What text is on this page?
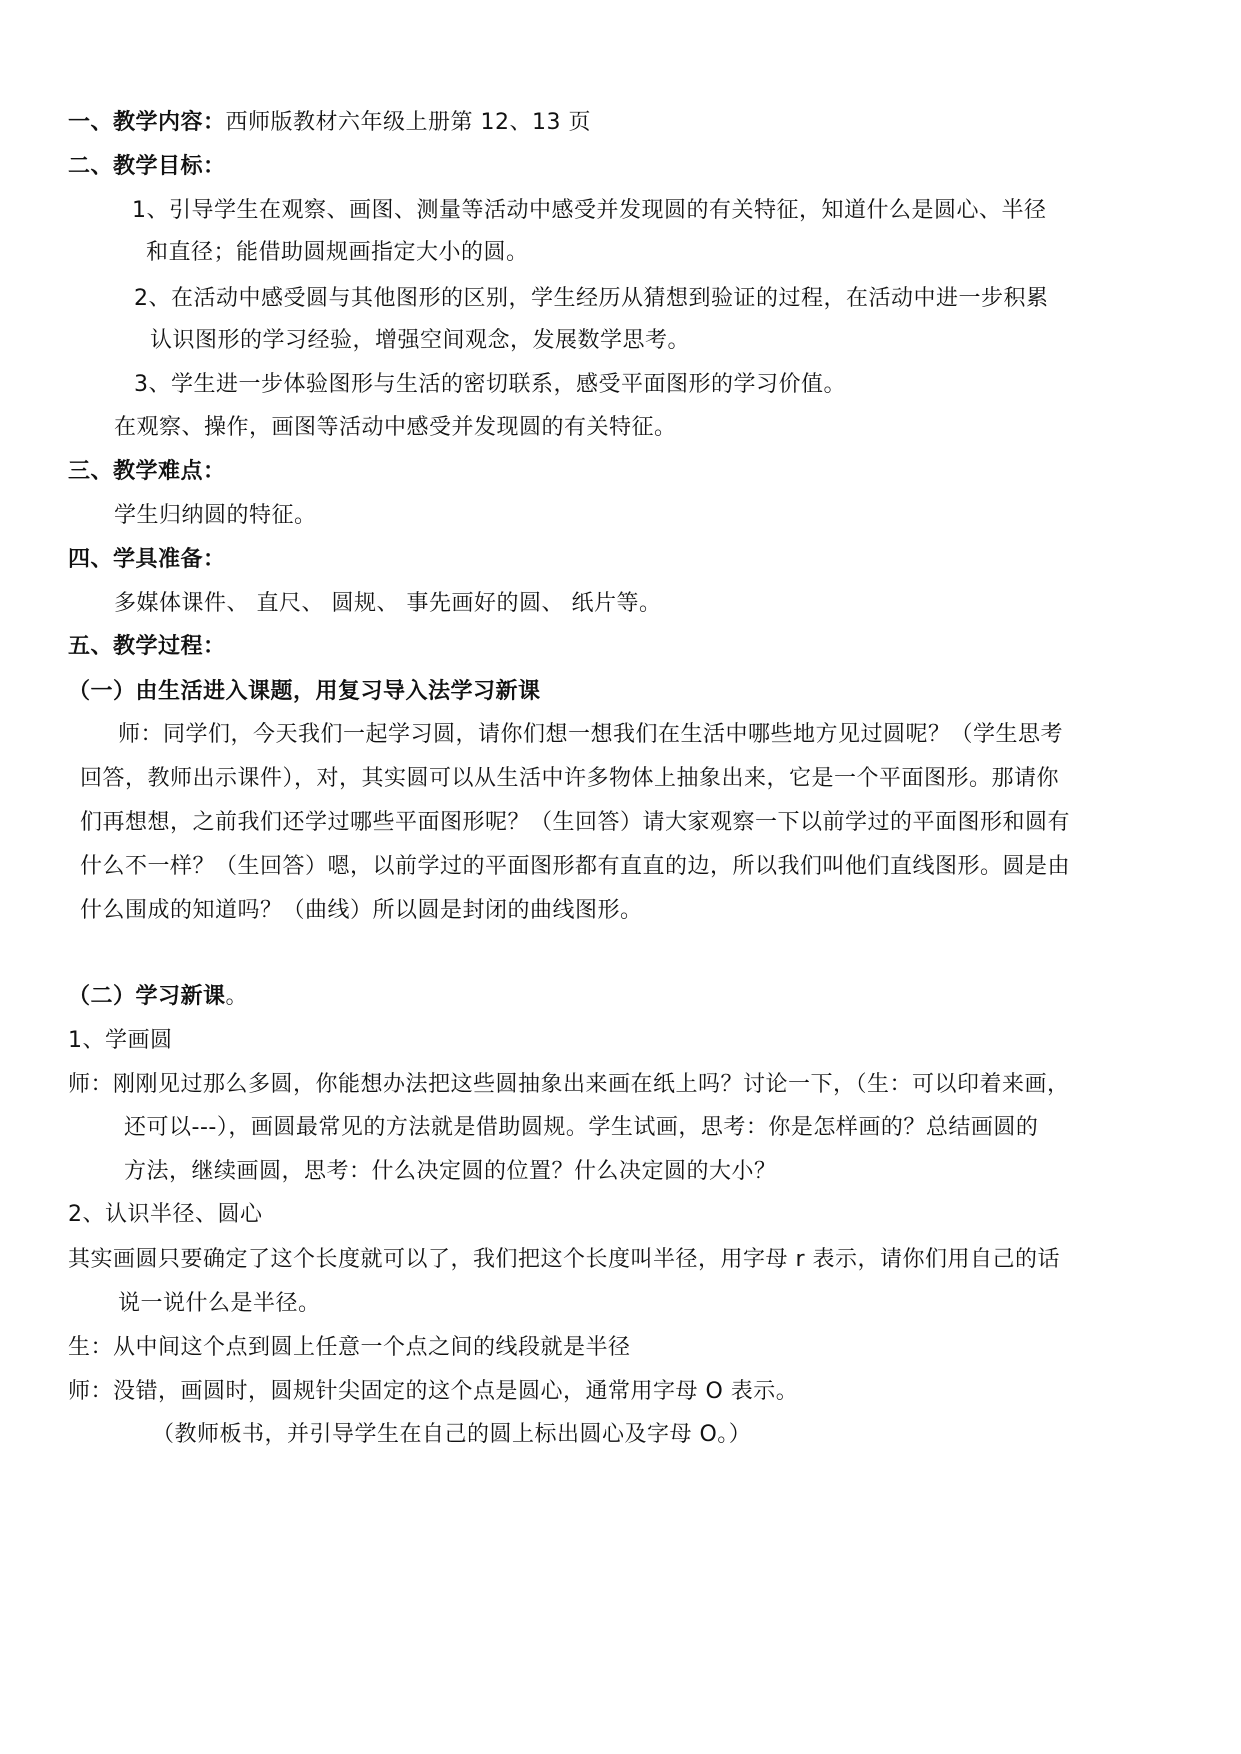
一、教学内容：西师版教材六年级上册第 12、13 页
二、教学目标：
1、引导学生在观察、画图、测量等活动中感受并发现圆的有关特征，知道什么是圆心、半径
和直径；能借助圆规画指定大小的圆。
2、在活动中感受圆与其他图形的区别，学生经历从猜想到验证的过程，在活动中进一步积累
认识图形的学习经验，增强空间观念，发展数学思考。
3、学生进一步体验图形与生活的密切联系，感受平面图形的学习价值。
在观察、操作，画图等活动中感受并发现圆的有关特征。
三、教学难点：
学生归纳圆的特征。
四、学具准备：
多媒体课件、 直尺、 圆规、 事先画好的圆、 纸片等。
五、教学过程：
（一）由生活进入课题，用复习导入法学习新课
师：同学们，今天我们一起学习圆，请你们想一想我们在生活中哪些地方见过圆呢？（学生思考
回答，教师出示课件），对，其实圆可以从生活中许多物体上抽象出来，它是一个平面图形。那请你
们再想想，之前我们还学过哪些平面图形呢？（生回答）请大家观察一下以前学过的平面图形和圆有
什么不一样？（生回答）嗯，以前学过的平面图形都有直直的边，所以我们叫他们直线图形。圆是由
什么围成的知道吗？（曲线）所以圆是封闭的曲线图形。
（二）学习新课。
1、学画圆
师：刚刚见过那么多圆，你能想办法把这些圆抽象出来画在纸上吗？讨论一下，（生：可以印着来画，
还可以---），画圆最常见的方法就是借助圆规。学生试画，思考：你是怎样画的？总结画圆的
方法，继续画圆，思考：什么决定圆的位置？什么决定圆的大小？
2、认识半径、圆心
其实画圆只要确定了这个长度就可以了，我们把这个长度叫半径，用字母 r 表示，请你们用自己的话
说一说什么是半径。
生：从中间这个点到圆上任意一个点之间的线段就是半径
师：没错，画圆时，圆规针尖固定的这个点是圆心，通常用字母 O 表示。
（教师板书，并引导学生在自己的圆上标出圆心及字母 O。）
